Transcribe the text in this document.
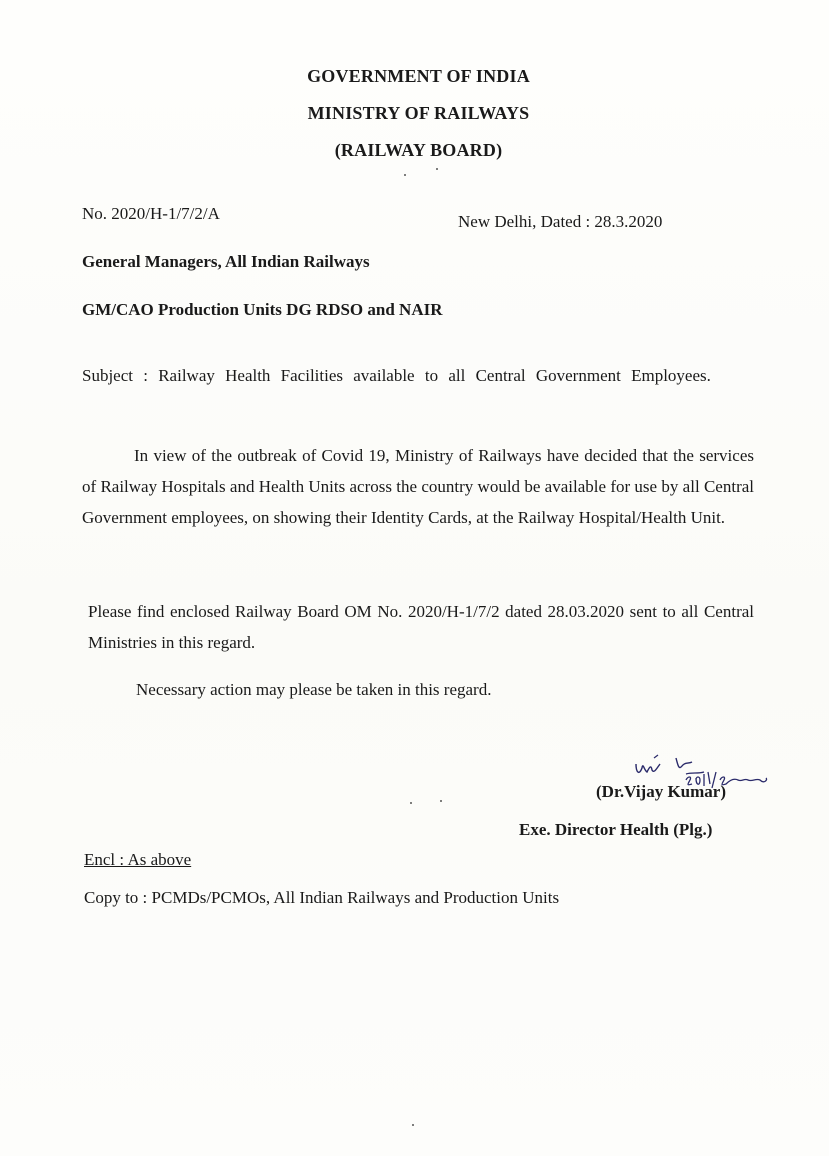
GOVERNMENT OF INDIA
MINISTRY OF RAILWAYS
(RAILWAY BOARD)
No. 2020/H-1/7/2/A	New Delhi, Dated : 28.3.2020
General Managers, All Indian Railways
GM/CAO Production Units DG RDSO and NAIR
Subject : Railway Health Facilities available to all Central Government Employees.
In view of the outbreak of Covid 19, Ministry of Railways have decided that the services of Railway Hospitals and Health Units across the country would be available for use by all Central Government employees, on showing their Identity Cards, at the Railway Hospital/Health Unit.
Please find enclosed Railway Board OM No. 2020/H-1/7/2 dated 28.03.2020 sent to all Central Ministries in this regard.
Necessary action may please be taken in this regard.
(Dr.Vijay Kumar)
Exe. Director Health (Plg.)
Encl : As above
Copy to : PCMDs/PCMOs, All Indian Railways and Production Units
